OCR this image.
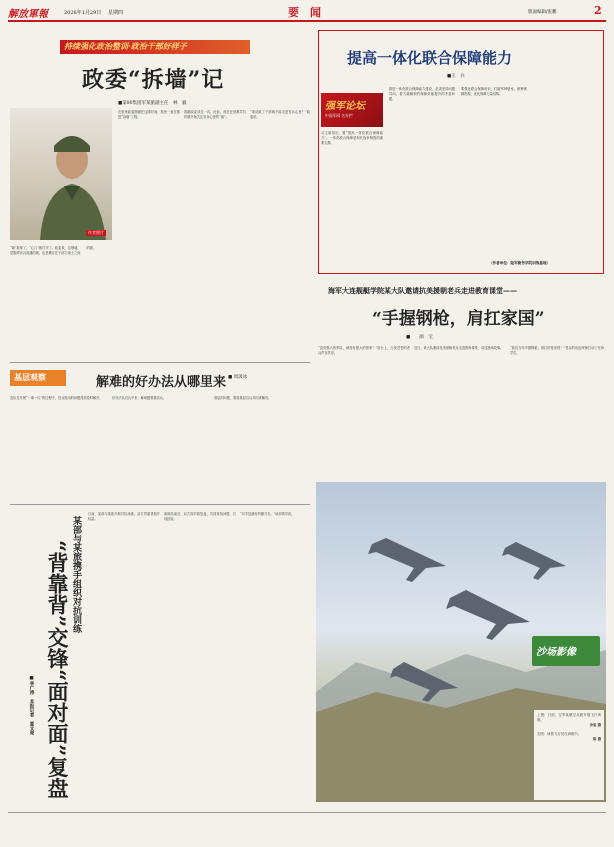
解放軍報	2026年1月29日 星期四	要　闻	版面编辑/张鹏	2
持续强化政治整训·政治干部好样子
政委“拆墙”记
■第80集团军某旅副主任　林　毅
作者照片
在旅里政委刚谢任这段时间，旅里一直在推进“拆墙”工程。
我跟政委谈过一次。此前，他在任营教导员时就开始关注官兵心里的“墙”。
“谁说政工干部就不能走进官兵心里？”政委说。
“墙”拆掉了，“心门”就打开了。政委说，这堵墙，是阻碍官兵沟通的墙，也是横亘在干部与战士之间的墙。
基层观察	解难的好办法从哪里来 ■ 周汲冰
连队在开展“一事一议”的过程中，官兵提出的问题得到及时解决。	好办法从官兵中来，解难题要靠官兵。	基层的问题，要靠基层官兵共同来解决。
某部与某旅携手组织对抗训练
“背靠背”交锋“面对面”复盘
■李广涛　本报记者　夏文亮
日前，某部与某旅开展对抗演练，双方背靠背展开较量。
演练结束后，双方面对面复盘，共同查找问题、总结经验。
“对手是最好的磨刀石。”该部领导说。
提高一体化联合保障能力
■王　兵
强军论坛
中国军网 名专栏
习主席指出，要“提高一体化联合保障能力”。一体化联合保障是现代战争制胜的重要支撑。
推进一体化联合保障能力建设，必须坚持问题导向，着力破解制约保障效能提升的矛盾问题。
要强化联合保障意识，打破军种壁垒，统筹保障资源，优化保障力量结构。
（作者单位：陆军勤务学院训练基地）
海军大连舰艇学院某大队邀请抗美援朝老兵走进教育课堂——
“手握钢枪，肩扛家国”
■　　颜　宝
“没有强大的军队，就没有强大的国家！”讲台上，白发苍苍的老兵声音洪亮。
近日，该大队邀请抗美援朝老兵走进教育课堂，讲述战场故事。	“我们当年手握钢枪，肩扛的是家国！”老兵的话语深深打动了在场学员。
沙场影像
上图：日前，空军某航空兵旅开展飞行训练。
余旭 摄
右图：该旅飞行员在训练中。
陈 摄
